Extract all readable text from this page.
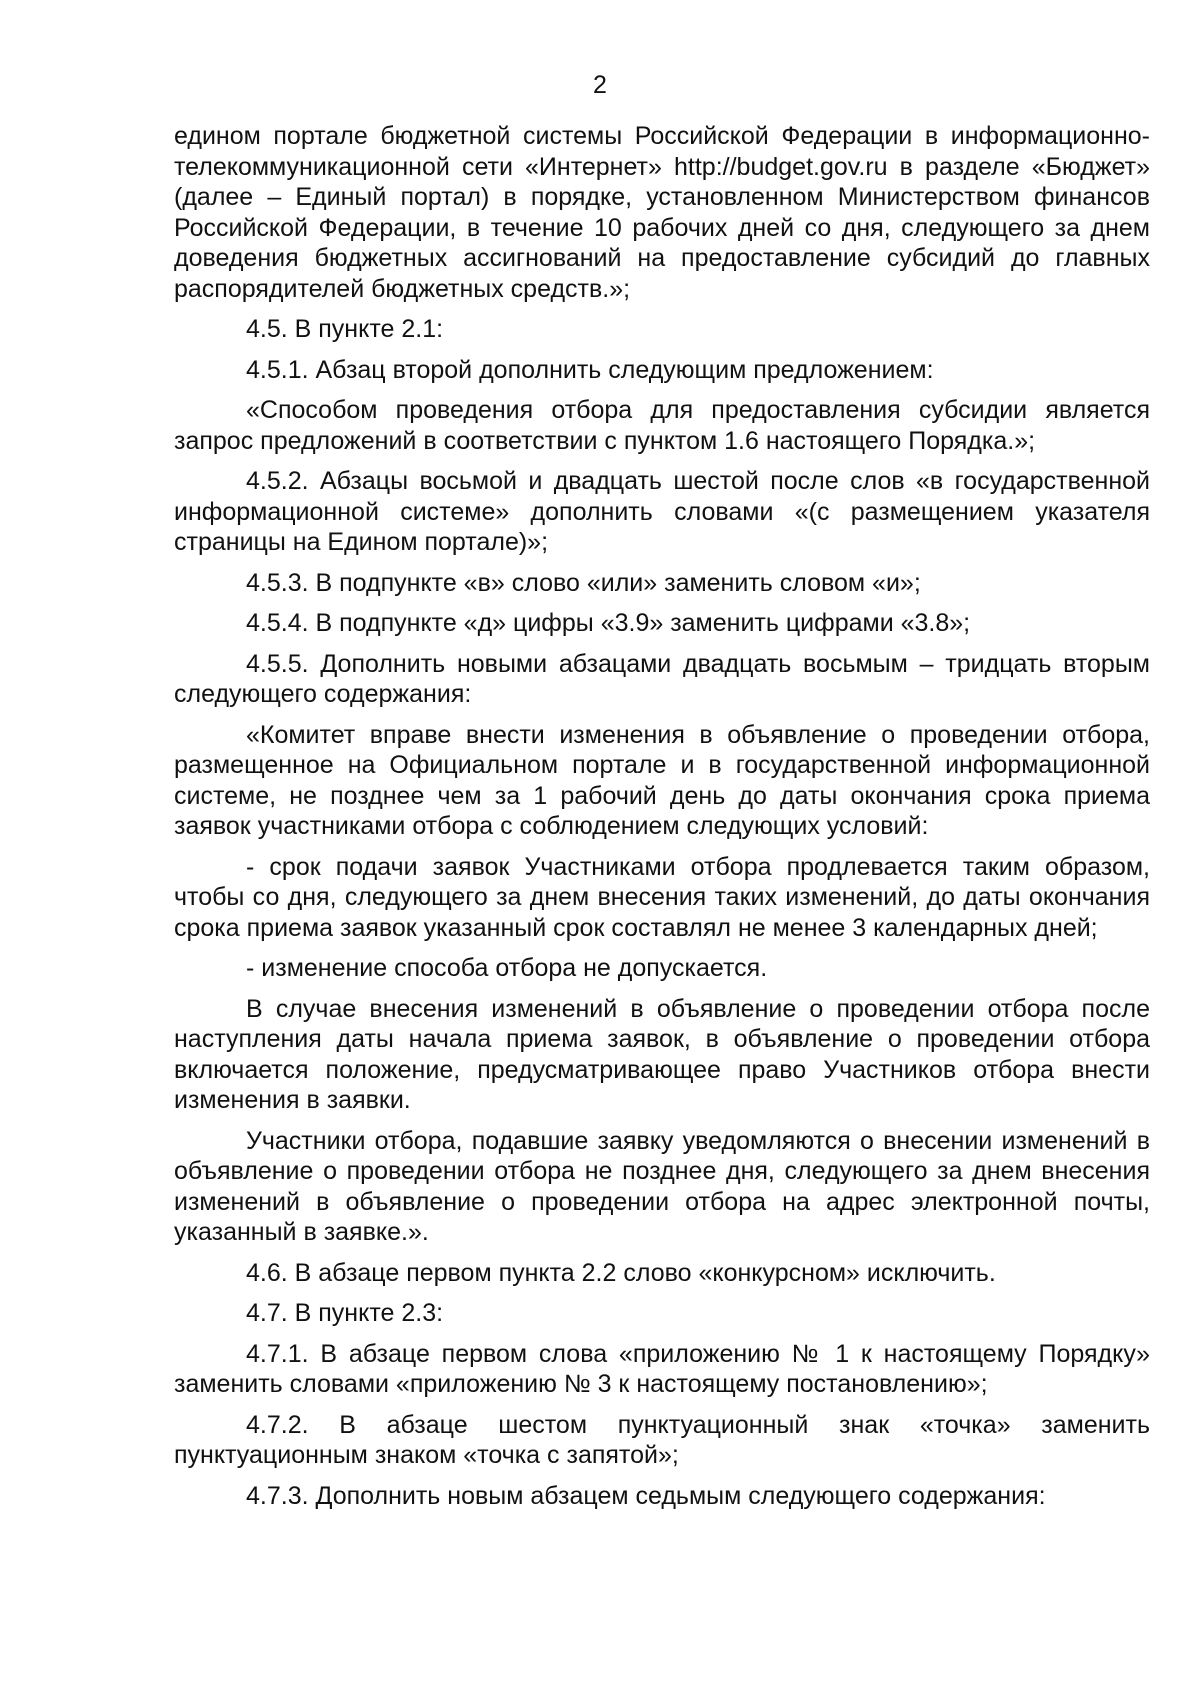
2

едином портале бюджетной системы Российской Федерации в информационно-телекоммуникационной сети «Интернет» http://budget.gov.ru в разделе «Бюджет» (далее – Единый портал) в порядке, установленном Министерством финансов Российской Федерации, в течение 10 рабочих дней со дня, следующего за днем доведения бюджетных ассигнований на предоставление субсидий до главных распорядителей бюджетных средств.»;

4.5. В пункте 2.1:

4.5.1. Абзац второй дополнить следующим предложением:

«Способом проведения отбора для предоставления субсидии является запрос предложений в соответствии с пунктом 1.6 настоящего Порядка.»;

4.5.2. Абзацы восьмой и двадцать шестой после слов «в государственной информационной системе» дополнить словами «(с размещением указателя страницы на Едином портале)»;

4.5.3. В подпункте «в» слово «или» заменить словом «и»;

4.5.4. В подпункте «д» цифры «3.9» заменить цифрами «3.8»;

4.5.5. Дополнить новыми абзацами двадцать восьмым – тридцать вторым следующего содержания:

«Комитет вправе внести изменения в объявление о проведении отбора, размещенное на Официальном портале и в государственной информационной системе, не позднее чем за 1 рабочий день до даты окончания срока приема заявок участниками отбора с соблюдением следующих условий:

- срок подачи заявок Участниками отбора продлевается таким образом, чтобы со дня, следующего за днем внесения таких изменений, до даты окончания срока приема заявок указанный срок составлял не менее 3 календарных дней;

- изменение способа отбора не допускается.

В случае внесения изменений в объявление о проведении отбора после наступления даты начала приема заявок, в объявление о проведении отбора включается положение, предусматривающее право Участников отбора внести изменения в заявки.

Участники отбора, подавшие заявку уведомляются о внесении изменений в объявление о проведении отбора не позднее дня, следующего за днем внесения изменений в объявление о проведении отбора на адрес электронной почты, указанный в заявке.».

4.6. В абзаце первом пункта 2.2 слово «конкурсном» исключить.

4.7. В пункте 2.3:

4.7.1. В абзаце первом слова «приложению № 1 к настоящему Порядку» заменить словами «приложению № 3 к настоящему постановлению»;

4.7.2. В абзаце шестом пунктуационный знак «точка» заменить пунктуационным знаком «точка с запятой»;

4.7.3. Дополнить новым абзацем седьмым следующего содержания:
